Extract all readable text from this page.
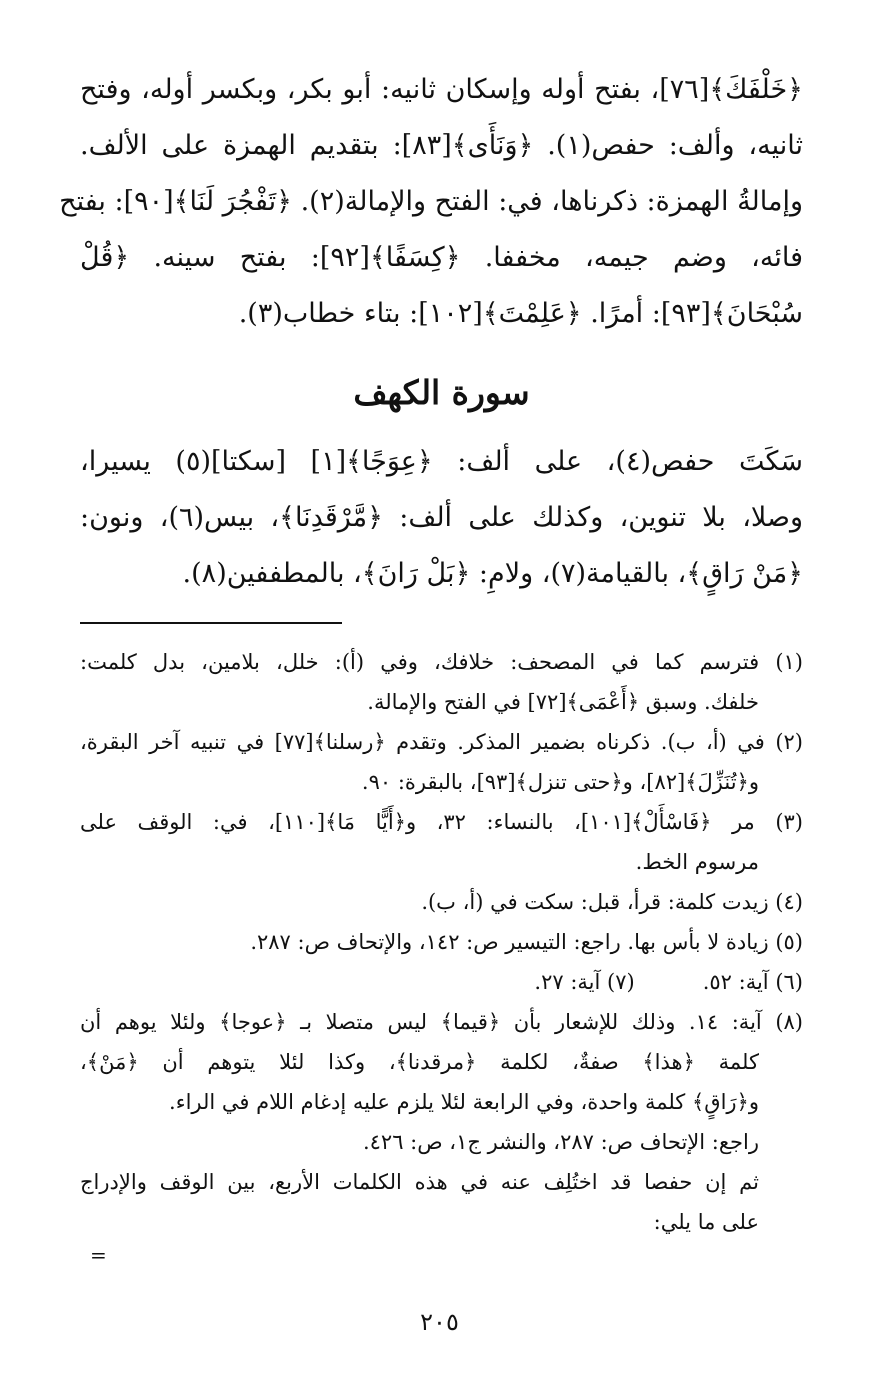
﴿خَلْفَكَ﴾[٧٦]، بفتح أوله وإسكان ثانيه: أبو بكر، وبكسر أوله، وفتح
ثانيه، وألف: حفص(١). ﴿وَنَأَى﴾[٨٣]: بتقديم الهمزة على الألف.
وإمالةُ الهمزة: ذكرناها، في: الفتح والإمالة(٢). ﴿تَفْجُرَ لَنَا﴾[٩٠]: بفتح
فائه، وضم جيمه، مخففا. ﴿كِسَفًا﴾[٩٢]: بفتح سينه. ﴿قُلْ
سُبْحَانَ﴾[٩٣]: أمرًا. ﴿عَلِمْتَ﴾[١٠٢]: بتاء خطاب(٣).
سورة الكهف
سَكَتَ حفص(٤)، على ألف: ﴿عِوَجًا﴾[١] [سكتا](٥) يسيرا،
وصلا، بلا تنوين، وكذلك على ألف: ﴿مَّرْقَدِنَا﴾، بيس(٦)، ونون:
﴿مَنْ رَاقٍ﴾، بالقيامة(٧)، ولامِ: ﴿بَلْ رَانَ﴾، بالمطففين(٨).
(١) فترسم كما في المصحف: خلافك، وفي (أ): خلل، بلامين، بدل كلمت:
خلفك. وسبق ﴿أَعْمَى﴾[٧٢] في الفتح والإمالة.
(٢) في (أ، ب). ذكرناه بضمير المذكر. وتقدم ﴿رسلنا﴾[٧٧] في تنبيه آخر البقرة،
و﴿تُنَزِّلَ﴾[٨٢]، و﴿حتى تنزل﴾[٩٣]، بالبقرة: ٩٠.
(٣) مر ﴿فَاسْأَلْ﴾[١٠١]، بالنساء: ٣٢، و﴿أَيًّا مَا﴾[١١٠]، في: الوقف على
مرسوم الخط.
(٤) زيدت كلمة: قرأ، قبل: سكت في (أ، ب).
(٥) زيادة لا بأس بها. راجع: التيسير ص: ١٤٢، والإتحاف ص: ٢٨٧.
(٦) آية: ٥٢.
(٧) آية: ٢٧.
(٨) آية: ١٤. وذلك للإشعار بأن ﴿قيما﴾ ليس متصلا بـ ﴿عوجا﴾ ولئلا يوهم أن
كلمة ﴿هذا﴾ صفةٌ، لكلمة ﴿مرقدنا﴾، وكذا لئلا يتوهم أن ﴿مَنْ﴾،
و﴿رَاقٍ﴾ كلمة واحدة، وفي الرابعة لئلا يلزم عليه إدغام اللام في الراء.
راجع: الإتحاف ص: ٢٨٧، والنشر ج١، ص: ٤٢٦.
ثم إن حفصا قد اختُلِف عنه في هذه الكلمات الأربع، بين الوقف والإدراج
على ما يلي:
=
٢٠٥
